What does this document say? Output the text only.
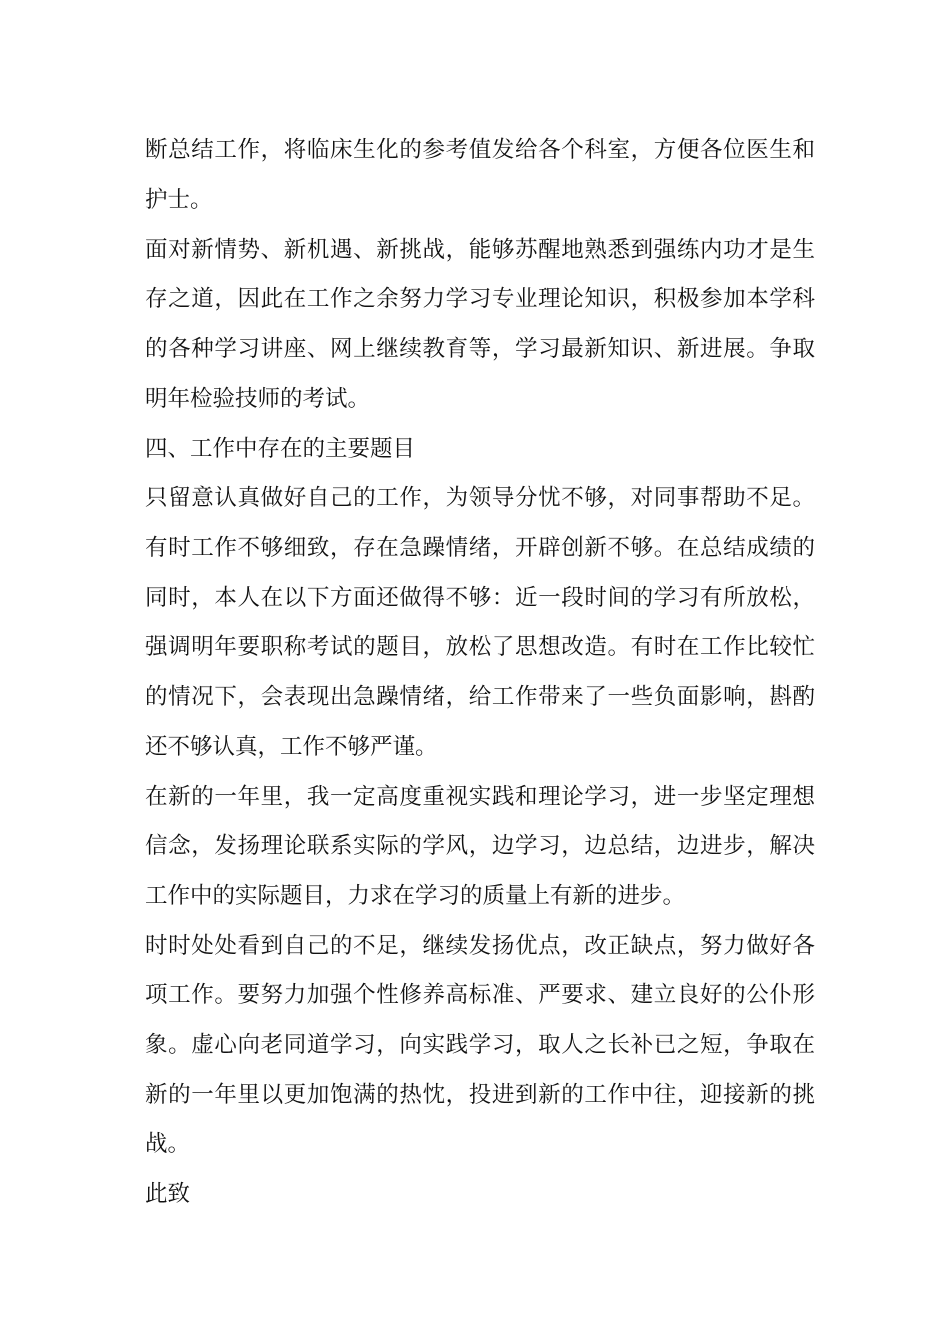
断总结工作，将临床生化的参考值发给各个科室，方便各位医生和
护士。
面对新情势、新机遇、新挑战，能够苏醒地熟悉到强练内功才是生
存之道，因此在工作之余努力学习专业理论知识，积极参加本学科
的各种学习讲座、网上继续教育等，学习最新知识、新进展。争取
明年检验技师的考试。
四、工作中存在的主要题目
只留意认真做好自己的工作，为领导分忧不够，对同事帮助不足。
有时工作不够细致，存在急躁情绪，开辟创新不够。在总结成绩的
同时，本人在以下方面还做得不够：近一段时间的学习有所放松，
强调明年要职称考试的题目，放松了思想改造。有时在工作比较忙
的情况下，会表现出急躁情绪，给工作带来了一些负面影响，斟酌
还不够认真，工作不够严谨。
在新的一年里，我一定高度重视实践和理论学习，进一步坚定理想
信念，发扬理论联系实际的学风，边学习，边总结，边进步，解决
工作中的实际题目，力求在学习的质量上有新的进步。
时时处处看到自己的不足，继续发扬优点，改正缺点，努力做好各
项工作。要努力加强个性修养高标准、严要求、建立良好的公仆形
象。虚心向老同道学习，向实践学习，取人之长补已之短，争取在
新的一年里以更加饱满的热忱，投进到新的工作中往，迎接新的挑
战。
此致
